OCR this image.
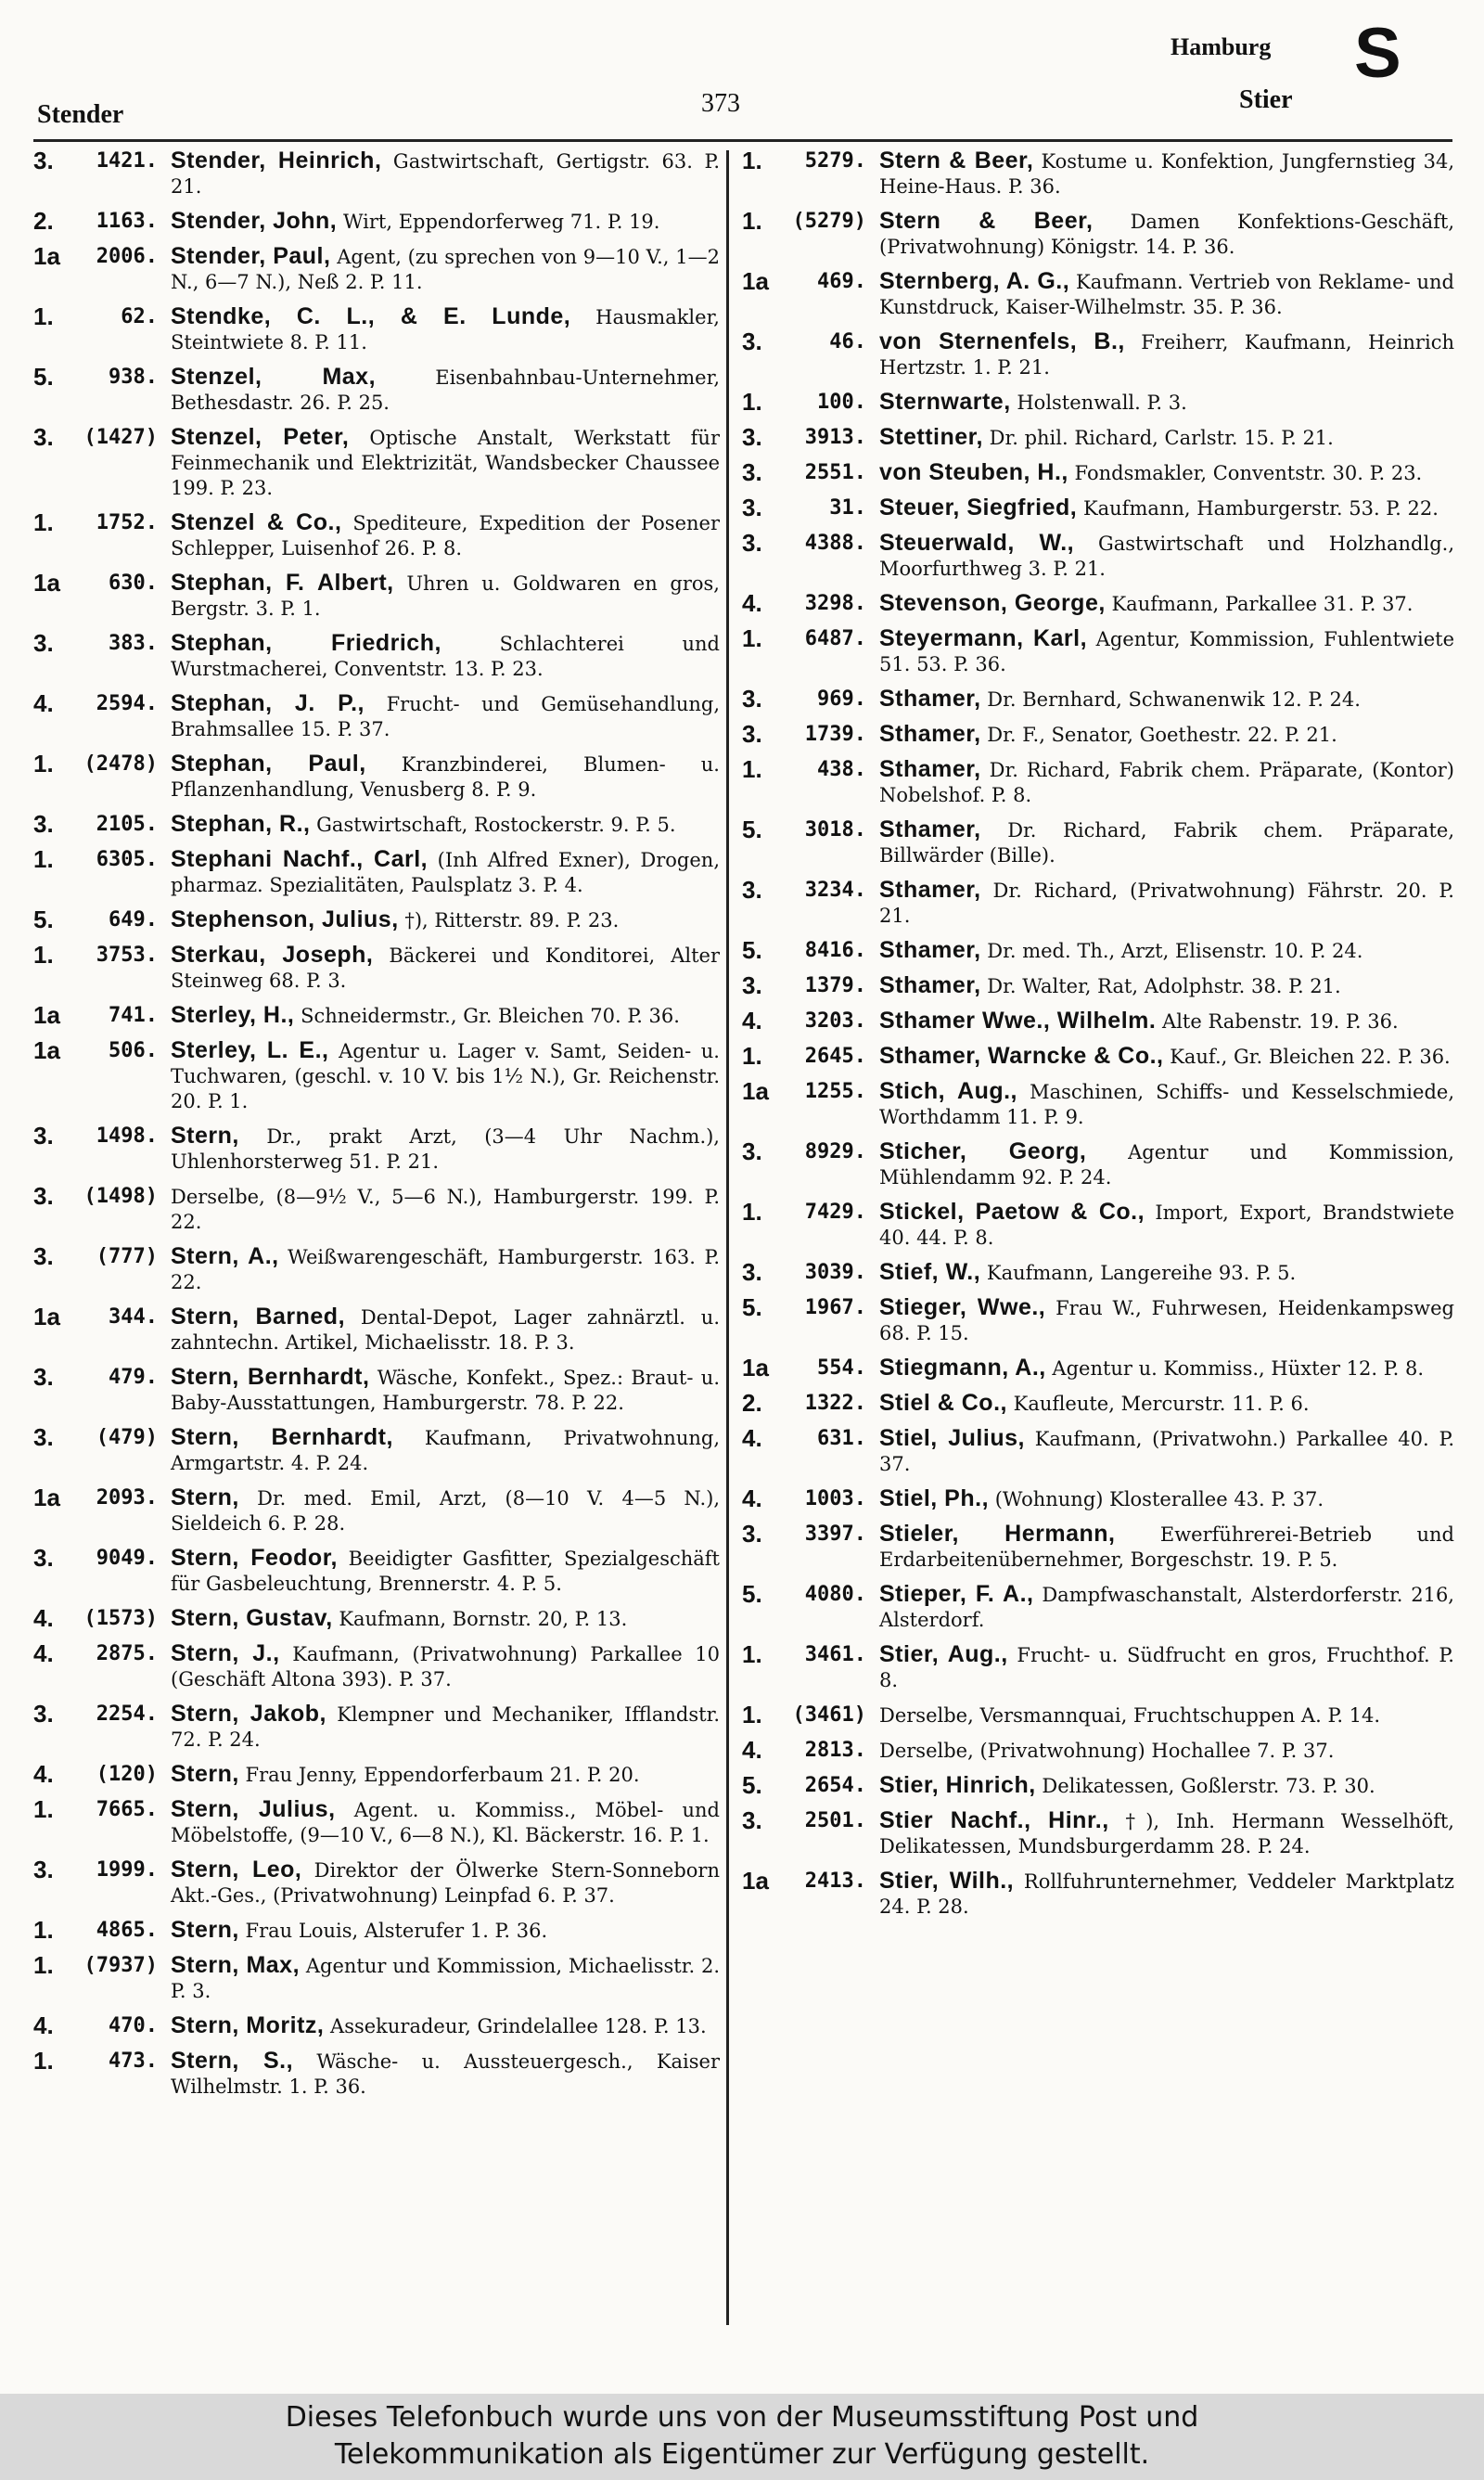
Hamburg S
Stender	373	Stier
3.	1421. Stender, Heinrich, Gastwirtschaft, Gertigstr. 63. P. 21.
2.	1163. Stender, John, Wirt, Eppendorferweg 71. P. 19.
1a	2006. Stender, Paul, Agent, (zu sprechen von 9—10 V., 1—2 N., 6—7 N.), Neß 2. P. 11.
1.	62. Stendke, C. L., & E. Lunde, Hausmakler, Steintwiete 8. P. 11.
5.	938. Stenzel, Max,	Eisenbahnbau-Unternehmer, Bethesdastr. 26. P. 25.
3.	(1427) Stenzel, Peter, Optische Anstalt, Werkstatt für Feinmechanik und Elektrizität, Wandsbecker Chaussee 199. P. 23.
1.	1752. Stenzel & Co., Spediteure, Expedition der Posener Schlepper, Luisenhof 26. P. 8.
1a	630. Stephan, F. Albert, Uhren u. Goldwaren en gros, Bergstr. 3. P. 1.
3.	383. Stephan, Friedrich,	Schlachterei und Wurstmacherei, Conventstr. 13. P. 23.
4.	2594. Stephan, J. P., Frucht- und Gemüsehandlung, Brahmsallee 15. P. 37.
1.	(2478) Stephan, Paul, Kranzbinderei, Blumen- u. Pflanzenhandlung, Venusberg 8. P. 9.
3.	2105. Stephan, R., Gastwirtschaft, Rostockerstr. 9. P. 5.
1.	6305. Stephani Nachf., Carl, (Inh Alfred Exner), Drogen, pharmaz. Spezialitäten, Paulsplatz 3. P. 4.
5.	649. Stephenson, Julius, †), Ritterstr. 89. P. 23.
1.	3753. Sterkau, Joseph, Bäckerei und Konditorei, Alter Steinweg 68. P. 3.
1a	741. Sterley, H., Schneidermstr., Gr. Bleichen 70. P. 36.
1a	506. Sterley, L. E., Agentur u. Lager v. Samt, Seiden- u. Tuchwaren, (geschl. v. 10 V. bis 1½ N.), Gr. Reichenstr. 20. P. 1.
3.	1498. Stern, Dr., prakt Arzt, (3—4 Uhr Nachm.), Uhlenhorsterweg 51. P. 21.
3.	(1498) Derselbe, (8—9½ V., 5—6 N.), Hamburgerstr. 199. P. 22.
3.	(777) Stern, A., Weißwarengeschäft, Hamburgerstr. 163. P. 22.
1a	344. Stern, Barned, Dental-Depot, Lager zahnärztl. u. zahntechn. Artikel, Michaelisstr. 18. P. 3.
3.	479. Stern, Bernhardt, Wäsche, Konfekt., Spez.: Braut- u. Baby-Ausstattungen, Hamburgerstr. 78. P. 22.
3.	(479) Stern, Bernhardt, Kaufmann, Privatwohnung, Armgartstr. 4. P. 24.
1a	2093. Stern, Dr. med. Emil, Arzt, (8—10 V. 4—5 N.), Sieldeich 6. P. 28.
3.	9049. Stern, Feodor, Beeidigter Gasfitter, Spezialgeschäft für Gasbeleuchtung, Brennerstr. 4. P. 5.
4.	(1573) Stern, Gustav, Kaufmann, Bornstr. 20, P. 13.
4.	2875. Stern, J., Kaufmann, (Privatwohnung) Parkallee 10 (Geschäft Altona 393). P. 37.
3.	2254. Stern, Jakob, Klempner und Mechaniker, Ifflandstr. 72. P. 24.
4.	(120) Stern, Frau Jenny, Eppendorferbaum 21. P. 20.
1.	7665. Stern, Julius, Agent. u. Kommiss., Möbel- und Möbelstoffe, (9—10 V., 6—8 N.), Kl. Bäckerstr. 16. P. 1.
3.	1999. Stern, Leo, Direktor der Ölwerke Stern-Sonneborn Akt.-Ges., (Privatwohnung) Leinpfad 6. P. 37.
1.	4865. Stern, Frau Louis, Alsterufer 1. P. 36.
1.	(7937) Stern, Max, Agentur und Kommission, Michaelisstr. 2. P. 3.
4.	470. Stern, Moritz, Assekuradeur, Grindelallee 128. P. 13.
1.	473. Stern, S., Wäsche- u. Aussteuergesch., Kaiser Wilhelmstr. 1. P. 36.
1.	5279. Stern & Beer, Kostume u. Konfektion, Jungfernstieg 34, Heine-Haus. P. 36.
1.	(5279) Stern & Beer, Damen Konfektions-Geschäft, (Privatwohnung) Königstr. 14. P. 36.
1a	469. Sternberg, A. G., Kaufmann. Vertrieb von Reklame- und Kunstdruck, Kaiser-Wilhelmstr. 35. P. 36.
3.	46. von Sternenfels, B., Freiherr, Kaufmann, Heinrich Hertzstr. 1. P. 21.
1.	100. Sternwarte, Holstenwall. P. 3.
3.	3913. Stettiner, Dr. phil. Richard, Carlstr. 15. P. 21.
3.	2551. von Steuben, H., Fondsmakler, Conventstr. 30. P. 23.
3.	31. Steuer, Siegfried, Kaufmann, Hamburgerstr. 53. P. 22.
3.	4388. Steuerwald, W., Gastwirtschaft und Holzhandlg., Moorfurthweg 3. P. 21.
4.	3298. Stevenson, George, Kaufmann, Parkallee 31. P. 37.
1.	6487. Steyermann, Karl, Agentur, Kommission, Fuhlentwiete 51. 53. P. 36.
3.	969. Sthamer, Dr. Bernhard, Schwanenwik 12. P. 24.
3.	1739. Sthamer, Dr. F., Senator, Goethestr. 22. P. 21.
1.	438. Sthamer, Dr. Richard, Fabrik chem. Präparate, (Kontor) Nobelshof. P. 8.
5.	3018. Sthamer, Dr. Richard, Fabrik chem. Präparate, Billwärder (Bille).
3.	3234. Sthamer, Dr. Richard, (Privatwohnung) Fährstr. 20. P. 21.
5.	8416. Sthamer, Dr. med. Th., Arzt, Elisenstr. 10. P. 24.
3.	1379. Sthamer, Dr. Walter, Rat, Adolphstr. 38. P. 21.
4.	3203. Sthamer Wwe., Wilhelm. Alte Rabenstr. 19. P. 36.
1.	2645. Sthamer, Warncke & Co., Kauf., Gr. Bleichen 22. P. 36.
1a	1255. Stich, Aug., Maschinen, Schiffs- und Kesselschmiede, Worthdamm 11. P. 9.
3.	8929. Sticher, Georg, Agentur und Kommission, Mühlendamm 92. P. 24.
1.	7429. Stickel, Paetow & Co., Import, Export, Brandstwiete 40. 44. P. 8.
3.	3039. Stief, W., Kaufmann, Langereihe 93. P. 5.
5.	1967. Stieger, Wwe., Frau W., Fuhrwesen, Heidenkampsweg 68. P. 15.
1a	554. Stiegmann, A., Agentur u. Kommiss., Hüxter 12. P. 8.
2.	1322. Stiel & Co., Kaufleute, Mercurstr. 11. P. 6.
4.	631. Stiel, Julius, Kaufmann, (Privatwohn.) Parkallee 40. P. 37.
4.	1003. Stiel, Ph., (Wohnung) Klosterallee 43. P. 37.
3.	3397. Stieler, Hermann, Ewerführerei-Betrieb und Erdarbeitenübernehmer, Borgeschstr. 19. P. 5.
5.	4080. Stieper, F. A., Dampfwaschanstalt, Alsterdorferstr. 216, Alsterdorf.
1.	3461. Stier, Aug., Frucht- u. Südfrucht en gros, Fruchthof. P. 8.
1.	(3461) Derselbe, Versmannquai, Fruchtschuppen A. P. 14.
4.	2813. Derselbe, (Privatwohnung) Hochallee 7. P. 37.
5.	2654. Stier, Hinrich, Delikatessen, Goßlerstr. 73. P. 30.
3.	2501. Stier Nachf., Hinr., †), Inh. Hermann Wesselhöft, Delikatessen, Mundsburgerdamm 28. P. 24.
1a	2413. Stier, Wilh., Rollfuhrunternehmer, Veddeler Marktplatz 24. P. 28.
Dieses Telefonbuch wurde uns von der Museumsstiftung Post und
Telekommunikation als Eigentümer zur Verfügung gestellt.
